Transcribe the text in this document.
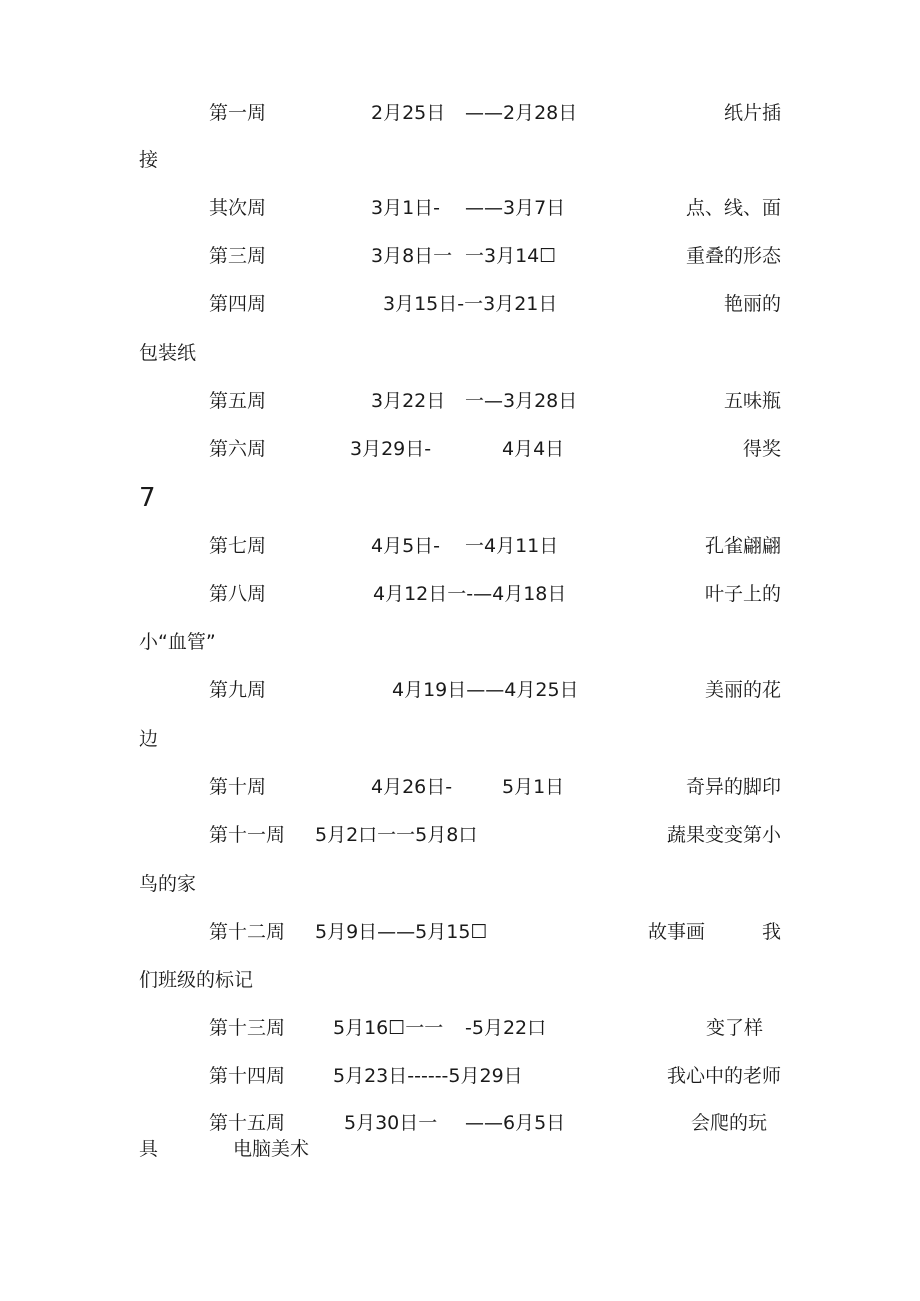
第一周	2月25日 ——2月28日	纸片插
接
其次周	3月1日- ——3月7日	点、线、面
第三周	3月8日一 一3月14☐	重叠的形态
第四周	3月15日-一3月21日	艳丽的
包装纸
第五周	3月22日 一—3月28日	五味瓶
第六周	3月29日-	4月4日	得奖
7
第七周	4月5日- 一4月11日	孔雀翩翩
第八周	4月12日一-—4月18日	叶子上的
小“血管”
第九周	4月19日——4月25日	美丽的花
边
第十周	4月26日-	5月1日	奇异的脚印
第十一周 5月2口一一5月8口	蔬果变变第小
鸟的家
第十二周 5月9日——5月15☐	故事画	我
们班级的标记
第十三周	5月16☐一一 -5月22口	变了样
第十四周	5月23日------5月29日	我心中的老师
第十五周	5月30日一 ——6月5日	会爬的玩
具	电脑美术
